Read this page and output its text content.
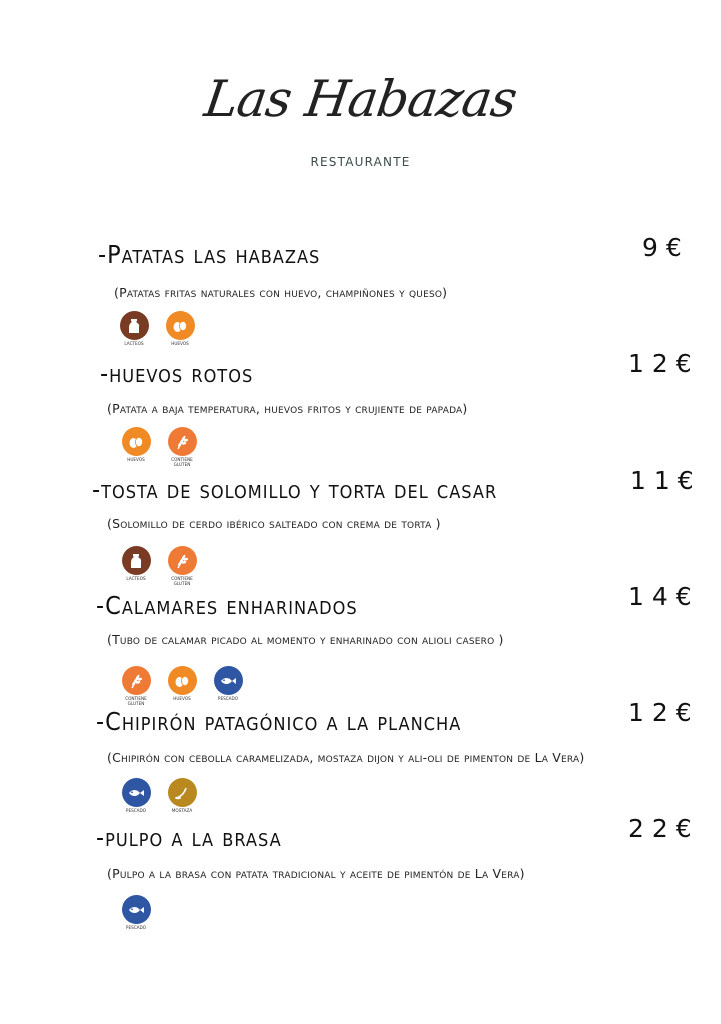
Las Habazas
RESTAURANTE
-Patatas las habazas	9€
(Patatas fritas naturales con huevo, champiñones y queso)
LACTEOS	HUEVOS
-huevos rotos	12€
(Patata a baja temperatura, huevos fritos y crujiente de papada)
HUEVOS	CONTIENE GLUTEN
-tosta de solomillo y torta del casar	11€
(Solomillo de cerdo ibérico salteado con crema de torta )
LACTEOS	CONTIENE GLUTEN
-Calamares enharinados	14€
(Tubo de calamar picado al momento y enharinado con alioli casero )
CONTIENE GLUTEN
HUEVOS	PESCADO
-Chipirón patagónico a la plancha	12€
(Chipirón con cebolla caramelizada, mostaza dijon y ali-oli de pimenton de La Vera)
PESCADO	MOSTAZA
-pulpo a la brasa	22€
(Pulpo a la brasa con patata tradicional y aceite de pimentón de La Vera)
PESCADO
